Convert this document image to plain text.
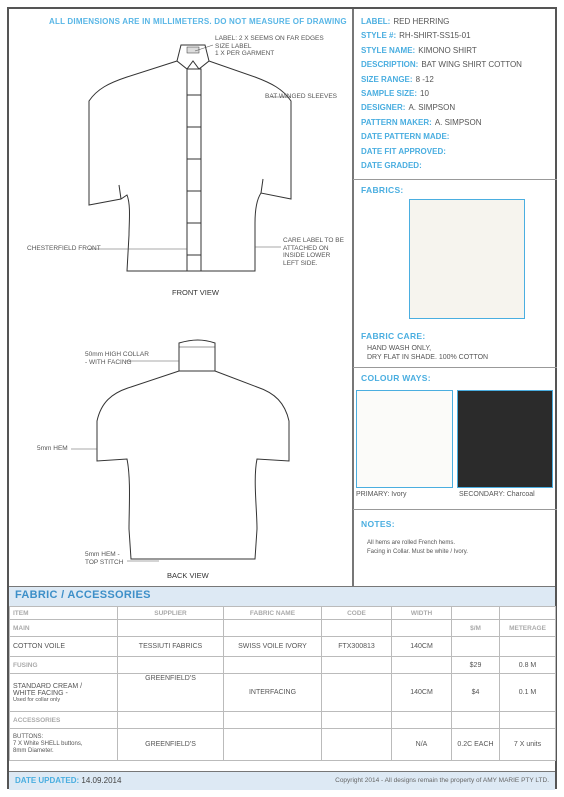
ALL DIMENSIONS ARE IN MILLIMETERS. DO NOT MEASURE OF DRAWING
LABEL: 2 X SEEMS ON FAR EDGES
SIZE LABEL
1 X PER GARMENT
BAT WINGED SLEEVES
CHESTERFIELD FRONT
CARE LABEL TO BE
ATTACHED ON
INSIDE LOWER
LEFT SIDE.
FRONT VIEW
50mm HIGH COLLAR
- WITH FACING
5mm HEM
5mm HEM -
TOP STITCH
BACK VIEW
LABEL: RED HERRING
STYLE #: RH-SHIRT-SS15-01
STYLE NAME: KIMONO SHIRT
DESCRIPTION: BAT WING SHIRT COTTON
SIZE RANGE: 8 -12
SAMPLE SIZE: 10
DESIGNER: A. SIMPSON
PATTERN MAKER: A. SIMPSON
DATE PATTERN MADE:
DATE FIT APPROVED:
DATE GRADED:
FABRICS:
FABRIC CARE:
HAND WASH ONLY,
DRY FLAT IN SHADE. 100% COTTON
COLOUR WAYS:
PRIMARY: Ivory	SECONDARY: Charcoal
NOTES:
All hems are rolled French hems.
Facing in Collar. Must be white / Ivory.
FABRIC / ACCESSORIES
ITEM	SUPPLIER	FABRIC NAME	CODE	WIDTH		
MAIN					$/M	METERAGE
COTTON VOILE	TESSIUTI FABRICS	SWISS VOILE IVORY	FTX300813	140CM		
FUSING					$29	0.8 M

STANDARD CREAM /
WHITE FACING -
Used for collar only	GREENFIELD'S	INTERFACING		140CM	$4	0.1 M
ACCESSORIES						

BUTTONS:
7 X White SHELL buttons,
8mm Diameter.	GREENFIELD'S			N/A	0.2C EACH	7 X units
DATE UPDATED: 14.09.2014	Copyright 2014 - All designs remain the property of AMY MARIE PTY LTD.
